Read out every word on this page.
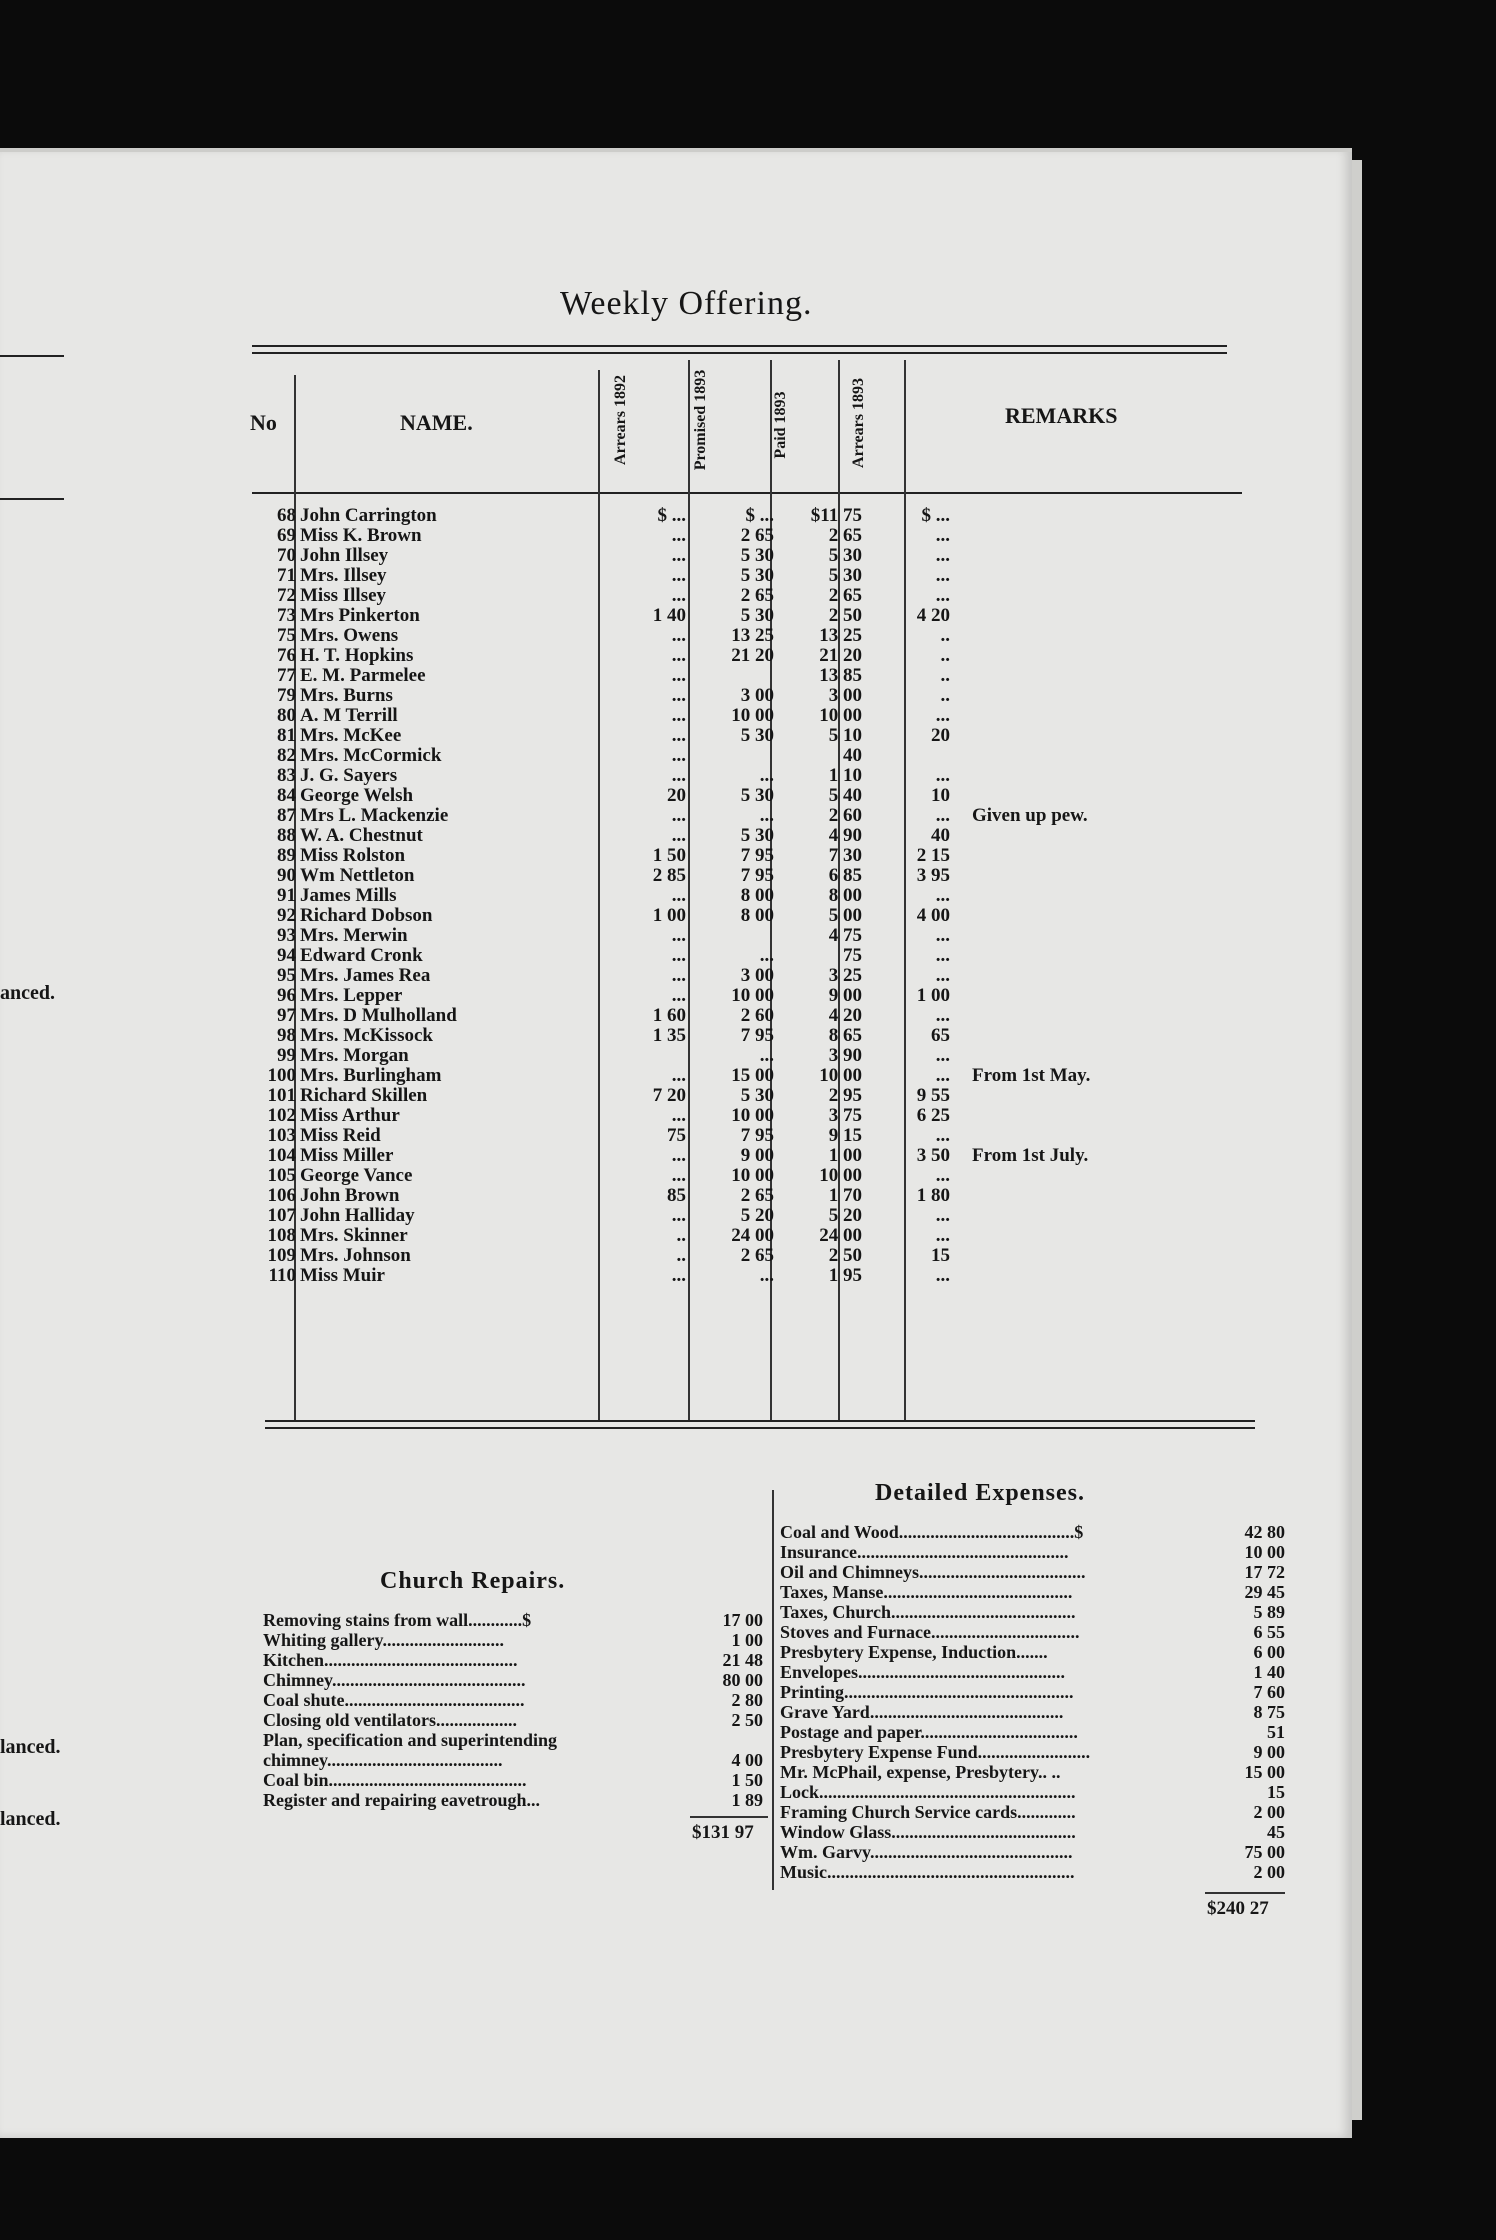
Weekly Offering.
No	NAME.	REMARKS
Arrears 1892	Promised 1893	Paid 1893	Arrears 1893
68	John Carrington	$ ...	$ ...	$11 75	$ ...	
69	Miss K. Brown	...	2 65	2 65	...	
70	John Illsey	...	5 30	5 30	...	
71	Mrs. Illsey	...	5 30	5 30	...	
72	Miss Illsey	...	2 65	2 65	...	
73	Mrs Pinkerton	1 40	5 30	2 50	4 20	
75	Mrs. Owens	...	13 25	13 25	..	
76	H. T. Hopkins	...	21 20	21 20	..	
77	E. M. Parmelee	...		13 85	..	
79	Mrs. Burns	...	3 00	3 00	..	
80	A. M Terrill	...	10 00	10 00	...	
81	Mrs. McKee	...	5 30	5 10	20	
82	Mrs. McCormick	...		40		
83	J. G. Sayers	...	...	1 10	...	
84	George Welsh	20	5 30	5 40	10	
87	Mrs L. Mackenzie	...	...	2 60	...	Given up pew.
88	W. A. Chestnut	...	5 30	4 90	40	
89	Miss Rolston	1 50	7 95	7 30	2 15	
90	Wm Nettleton	2 85	7 95	6 85	3 95	
91	James Mills	...	8 00	8 00	...	
92	Richard Dobson	1 00	8 00	5 00	4 00	
93	Mrs. Merwin	...		4 75	...	
94	Edward Cronk	...	...	75	...	
95	Mrs. James Rea	...	3 00	3 25	...	
96	Mrs. Lepper	...	10 00	9 00	1 00	
97	Mrs. D Mulholland	1 60	2 60	4 20	...	
98	Mrs. McKissock	1 35	7 95	8 65	65	
99	Mrs. Morgan		...	3 90	...	
100	Mrs. Burlingham	...	15 00	10 00	...	From 1st May.
101	Richard Skillen	7 20	5 30	2 95	9 55	
102	Miss Arthur	...	10 00	3 75	6 25	
103	Miss Reid	75	7 95	9 15	...	
104	Miss Miller	...	9 00	1 00	3 50	From 1st July.
105	George Vance	...	10 00	10 00	...	
106	John Brown	85	2 65	1 70	1 80	
107	John Halliday	...	5 20	5 20	...	
108	Mrs. Skinner	..	24 00	24 00	...	
109	Mrs. Johnson	..	2 65	2 50	15	
110	Miss Muir	...	...	1 95	...	
anced.
lanced.
lanced.
Church Repairs.
Removing stains from wall............$	17 00
Whiting gallery...........................	1 00
Kitchen...........................................	21 48
Chimney...........................................	80 00
Coal shute........................................	2 80
Closing old ventilators..................	2 50
Plan, specification and superintending
chimney.......................................	4 00
Coal bin............................................	1 50
Register and repairing eavetrough...	1 89
$131 97
Detailed Expenses.
Coal and Wood.......................................$	42 80
Insurance...............................................	10 00
Oil and Chimneys.....................................	17 72
Taxes, Manse..........................................	29 45
Taxes, Church.........................................	5 89
Stoves and Furnace.................................	6 55
Presbytery Expense, Induction.......	6 00
Envelopes..............................................	1 40
Printing...................................................	7 60
Grave Yard...........................................	8 75
Postage and paper...................................	51
Presbytery Expense Fund.........................	9 00
Mr. McPhail, expense, Presbytery.. ..	15 00
Lock.........................................................	15
Framing Church Service cards.............	2 00
Window Glass.........................................	45
Wm. Garvy.............................................	75 00
Music.......................................................	2 00
$240 27
